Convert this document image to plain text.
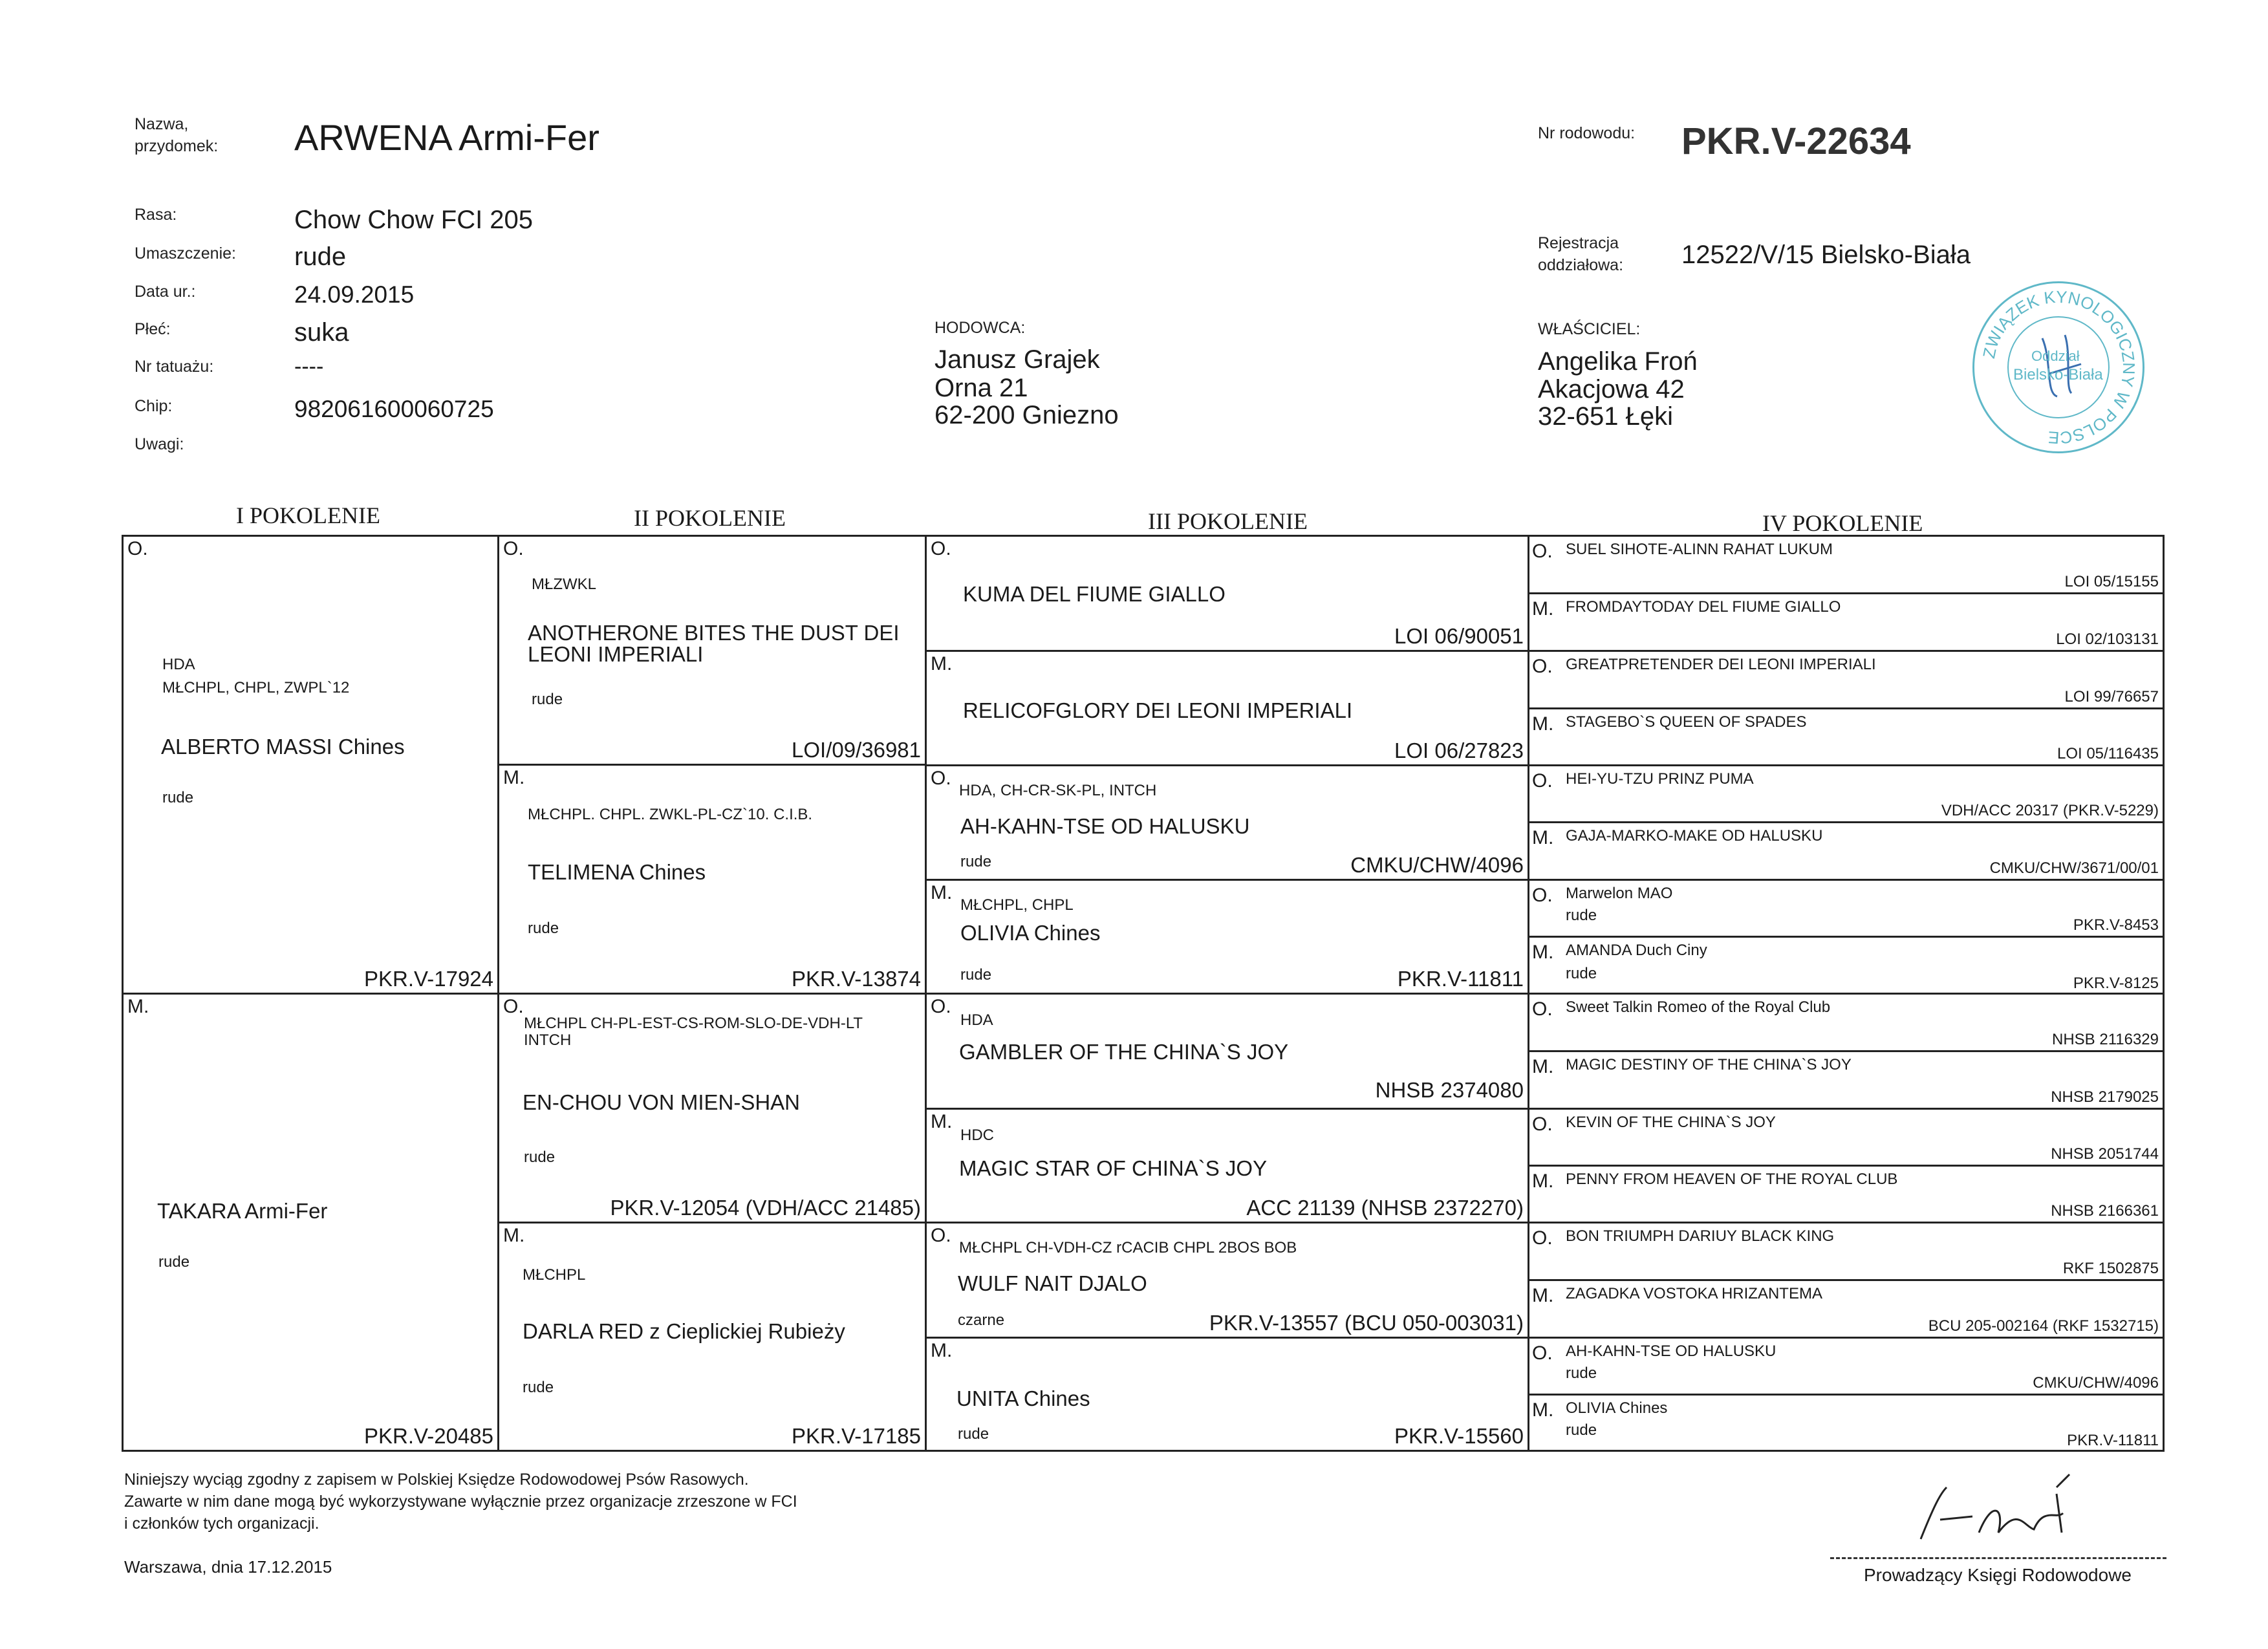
Nazwa,
przydomek: ARWENA Armi-Fer	Nr rodowodu: PKR.V-22634
Rasa:	Chow Chow FCI 205
Umaszczenie: rude
Data ur.:	24.09.2015
Płeć:	suka
Nr tatuażu:	----
Chip:	982061600060725
Uwagi:
Rejestracja
oddziałowa: 12522/V/15 Bielsko-Biała
HODOWCA:
Janusz Grajek
Orna 21
62-200 Gniezno
WŁAŚCICIEL:
Angelika Froń
Akacjowa 42
32-651 Łęki
ZWIĄZEK KYNOLOGICZNY W POLSCE
Oddział
Bielsko-Biała
I POKOLENIE	II POKOLENIE	III POKOLENIE	IV POKOLENIE
O.
HDA
MŁCHPL, CHPL, ZWPL`12
ALBERTO MASSI Chines
rude
PKR.V-17924
M.
TAKARA Armi-Fer
rude
PKR.V-20485
O.
MŁZWKL
ANOTHERONE BITES THE DUST DEI
LEONI IMPERIALI
rude
LOI/09/36981
M.
MŁCHPL. CHPL. ZWKL-PL-CZ`10. C.I.B.
TELIMENA Chines
rude
PKR.V-13874
O.
MŁCHPL CH-PL-EST-CS-ROM-SLO-DE-VDH-LT
INTCH
EN-CHOU VON MIEN-SHAN
rude
PKR.V-12054 (VDH/ACC 21485)
M.
MŁCHPL
DARLA RED z Cieplickiej Rubieży
rude
PKR.V-17185
O.
KUMA DEL FIUME GIALLO
LOI 06/90051
M.
RELICOFGLORY DEI LEONI IMPERIALI
LOI 06/27823
O.
HDA, CH-CR-SK-PL, INTCH
AH-KAHN-TSE OD HALUSKU
rude	CMKU/CHW/4096
M.
MŁCHPL, CHPL
OLIVIA Chines
rude	PKR.V-11811
O.
HDA
GAMBLER OF THE CHINA`S JOY
NHSB 2374080
M.
HDC
MAGIC STAR OF CHINA`S JOY
ACC 21139 (NHSB 2372270)
O.
MŁCHPL CH-VDH-CZ rCACIB CHPL 2BOS BOB
WULF NAIT DJALO
czarne	PKR.V-13557 (BCU 050-003031)
M.
UNITA Chines
rude	PKR.V-15560
O. SUEL SIHOTE-ALINN RAHAT LUKUM
LOI 05/15155
M. FROMDAYTODAY DEL FIUME GIALLO
LOI 02/103131
O. GREATPRETENDER DEI LEONI IMPERIALI
LOI 99/76657
M. STAGEBO`S QUEEN OF SPADES
LOI 05/116435
O. HEI-YU-TZU PRINZ PUMA
VDH/ACC 20317 (PKR.V-5229)
M. GAJA-MARKO-MAKE OD HALUSKU
CMKU/CHW/3671/00/01
O. Marwelon MAO
rude
PKR.V-8453
M. AMANDA Duch Ciny
rude
PKR.V-8125
O. Sweet Talkin Romeo of the Royal Club
NHSB 2116329
M. MAGIC DESTINY OF THE CHINA`S JOY
NHSB 2179025
O. KEVIN OF THE CHINA`S JOY
NHSB 2051744
M. PENNY FROM HEAVEN OF THE ROYAL CLUB
NHSB 2166361
O. BON TRIUMPH DARIUY BLACK KING
RKF 1502875
M. ZAGADKA VOSTOKA HRIZANTEMA
BCU 205-002164 (RKF 1532715)
O. AH-KAHN-TSE OD HALUSKU
rude
CMKU/CHW/4096
M. OLIVIA Chines
rude
PKR.V-11811
Niniejszy wyciąg zgodny z zapisem w Polskiej Księdze Rodowodowej Psów Rasowych.
Zawarte w nim dane mogą być wykorzystywane wyłącznie przez organizacje zrzeszone w FCI
i członków tych organizacji.
Warszawa, dnia 17.12.2015	Prowadzący Księgi Rodowodowe
